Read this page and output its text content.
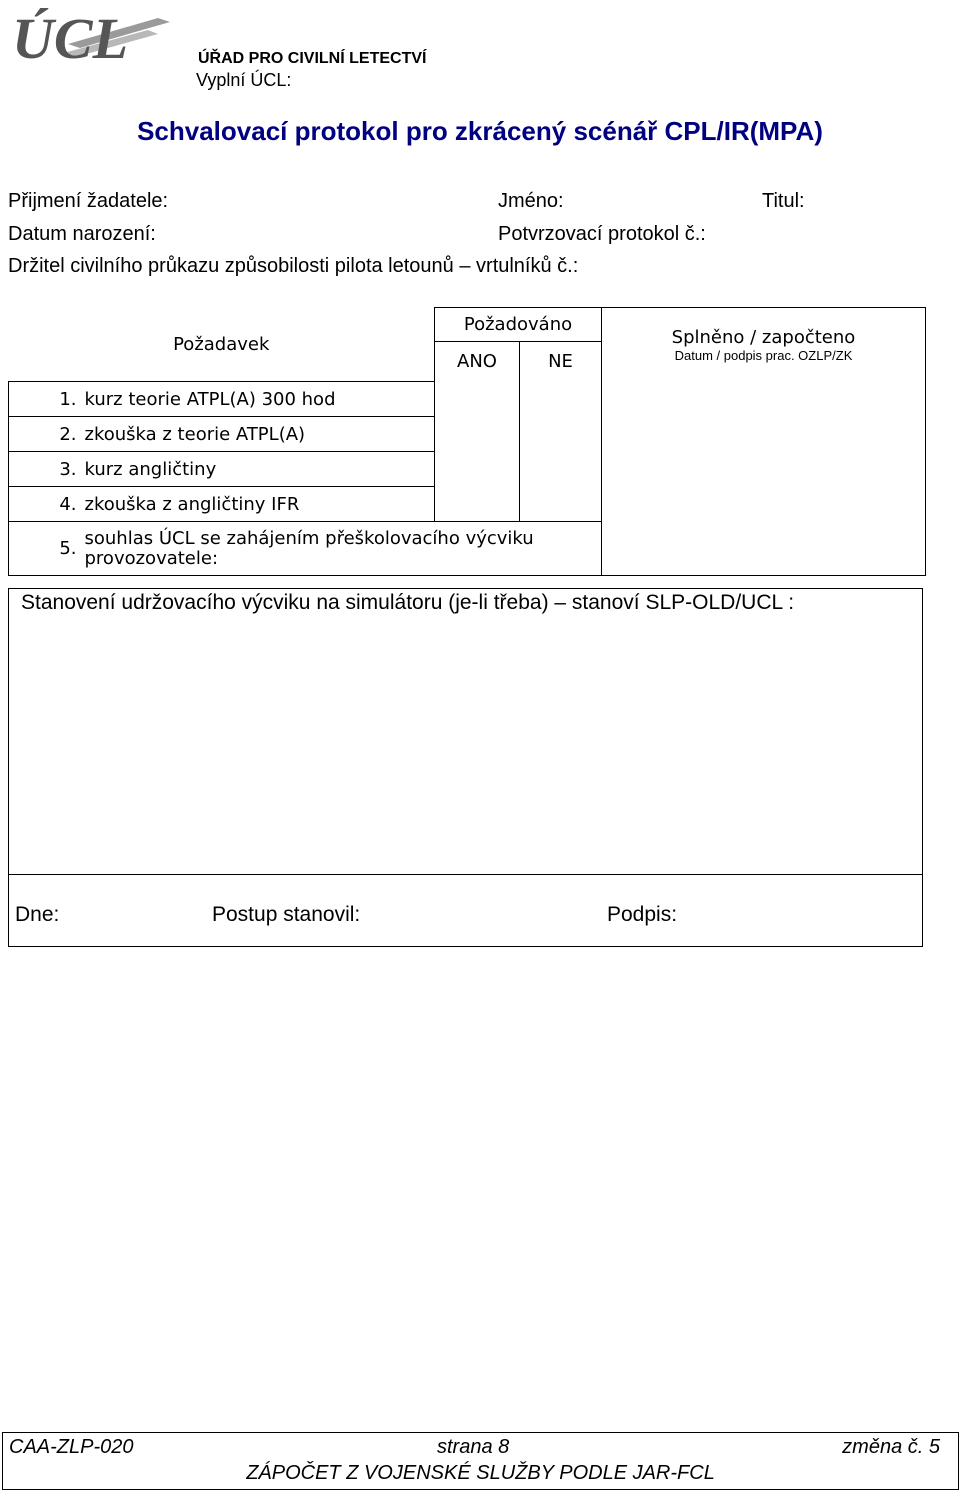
ÚCL	ÚŘAD PRO CIVILNÍ LETECTVÍ
Vyplní ÚCL:
Schvalovací protokol pro zkrácený scénář CPL/IR(MPA)
Přijmení žadatele:	Jméno:	Titul:
Datum narození:	Potvrzovací protokol č.:
Držitel civilního průkazu způsobilosti pilota letounů – vrtulníků č.:
Požadavek		Požadováno		Splněno / započteno
Datum / podpis prac. OZLP/ZK

		ANO	NE	
1.	kurz teorie ATPL(A) 300 hod			
2.	zkouška z teorie ATPL(A)			
3.	kurz angličtiny			
4.	zkouška z angličtiny IFR			
5.	souhlas ÚCL se zahájením přeškolovacího výcviku provozovatele:			
Stanovení udržovacího výcviku na simulátoru (je-li třeba) – stanoví SLP-OLD/UCL :
Dne:	Postup stanovil:	Podpis:
CAA-ZLP-020	strana 8	změna č. 5
ZÁPOČET Z VOJENSKÉ SLUŽBY PODLE JAR-FCL
